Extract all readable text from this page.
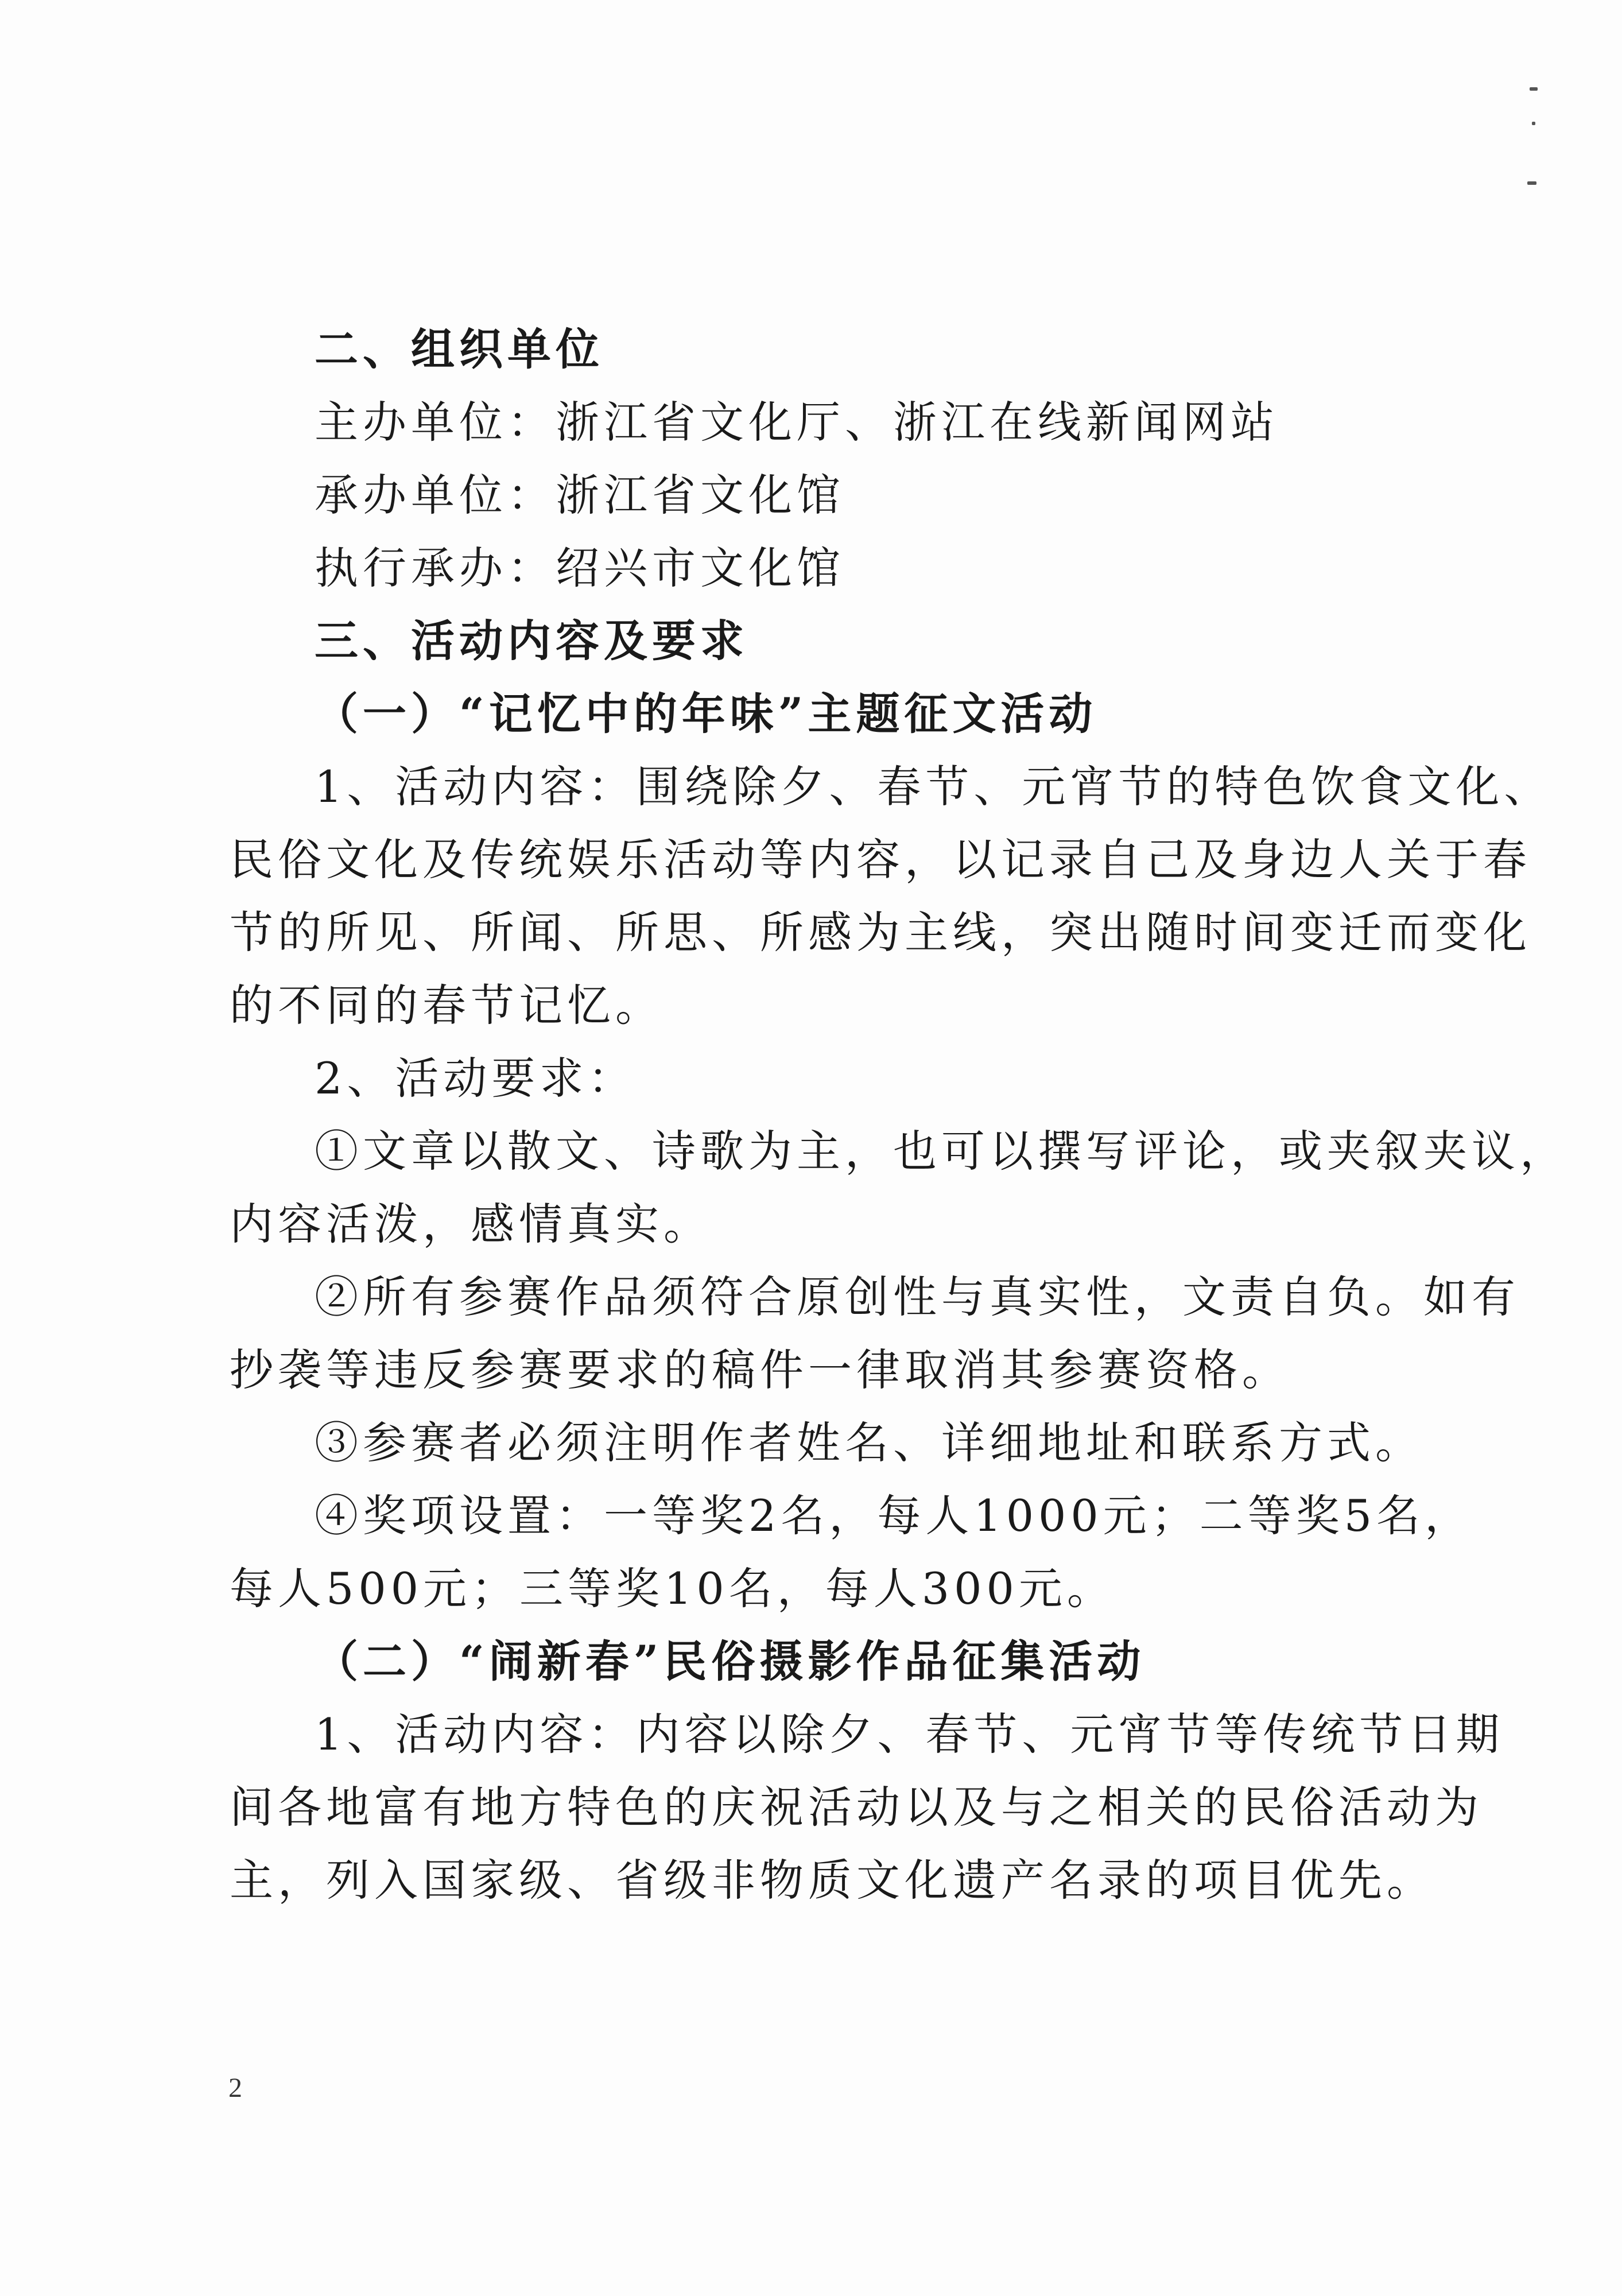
二、组织单位
主办单位：浙江省文化厅、浙江在线新闻网站
承办单位：浙江省文化馆
执行承办：绍兴市文化馆
三、活动内容及要求
（一）“记忆中的年味”主题征文活动
1、活动内容：围绕除夕、春节、元宵节的特色饮食文化、
民俗文化及传统娱乐活动等内容，以记录自己及身边人关于春
节的所见、所闻、所思、所感为主线，突出随时间变迁而变化
的不同的春节记忆。
2、活动要求：
①文章以散文、诗歌为主，也可以撰写评论，或夹叙夹议，
内容活泼，感情真实。
②所有参赛作品须符合原创性与真实性，文责自负。如有
抄袭等违反参赛要求的稿件一律取消其参赛资格。
③参赛者必须注明作者姓名、详细地址和联系方式。
④奖项设置：一等奖2名，每人1000元；二等奖5名，
每人500元；三等奖10名，每人300元。
（二）“闹新春”民俗摄影作品征集活动
1、活动内容：内容以除夕、春节、元宵节等传统节日期
间各地富有地方特色的庆祝活动以及与之相关的民俗活动为
主，列入国家级、省级非物质文化遗产名录的项目优先。
2
